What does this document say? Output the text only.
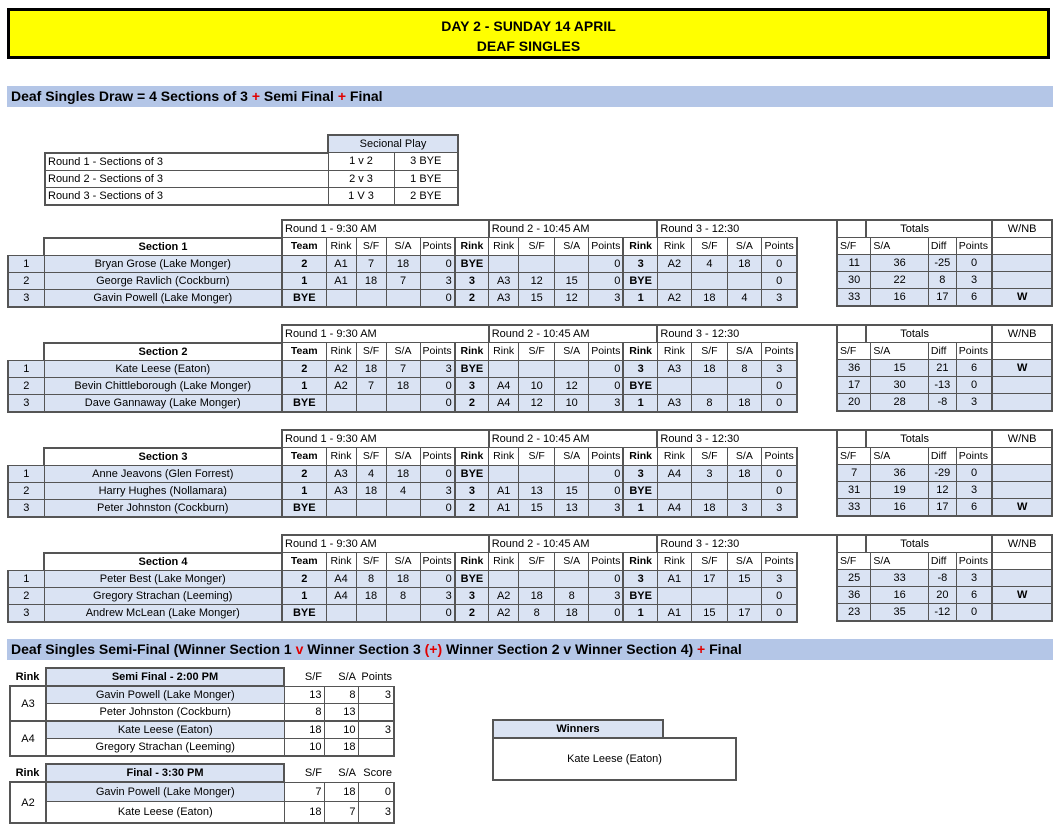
DAY 2 - SUNDAY 14 APRIL
DEAF SINGLES
Deaf Singles Draw = 4 Sections of 3 + Semi Final + Final
	Secional Play	
Round 1 - Sections of 3	1 v 2	3 BYE
Round 2 - Sections of 3	2 v 3	1 BYE
Round 3 - Sections of 3	1 V 3	2 BYE
		Round 1 - 9:30 AM						Round 2 - 10:45 AM					Round 3 - 12:30			
	Section 1	Team	Rink	S/F	S/A	Points	Rink	Rink	S/F	S/A	Points	Rink	Rink	S/F	S/A	Points
1	Bryan Grose (Lake Monger)	2	A1	7	18	0	BYE				0	3	A2	4	18	0
2	George Ravlich (Cockburn)	1	A1	18	7	3	3	A3	12	15	0	BYE				0
3	Gavin Powell (Lake Monger)	BYE				0	2	A3	15	12	3	1	A2	18	4	3
Totals				W/NB
S/F	S/A	Diff	Points	
11	36	-25	0	
30	22	8	3	
33	16	17	6	W
		Round 1 - 9:30 AM						Round 2 - 10:45 AM					Round 3 - 12:30			
	Section 2	Team	Rink	S/F	S/A	Points	Rink	Rink	S/F	S/A	Points	Rink	Rink	S/F	S/A	Points
1	Kate Leese (Eaton)	2	A2	18	7	3	BYE				0	3	A3	18	8	3
2	Bevin Chittleborough (Lake Monger)	1	A2	7	18	0	3	A4	10	12	0	BYE				0
3	Dave Gannaway (Lake Monger)	BYE				0	2	A4	12	10	3	1	A3	8	18	0
Totals				W/NB
S/F	S/A	Diff	Points	
36	15	21	6	W
17	30	-13	0	
20	28	-8	3	
		Round 1 - 9:30 AM						Round 2 - 10:45 AM					Round 3 - 12:30			
	Section 3	Team	Rink	S/F	S/A	Points	Rink	Rink	S/F	S/A	Points	Rink	Rink	S/F	S/A	Points
1	Anne Jeavons (Glen Forrest)	2	A3	4	18	0	BYE				0	3	A4	3	18	0
2	Harry Hughes (Nollamara)	1	A3	18	4	3	3	A1	13	15	0	BYE				0
3	Peter Johnston (Cockburn)	BYE				0	2	A1	15	13	3	1	A4	18	3	3
Totals				W/NB
S/F	S/A	Diff	Points	
7	36	-29	0	
31	19	12	3	
33	16	17	6	W
		Round 1 - 9:30 AM						Round 2 - 10:45 AM					Round 3 - 12:30			
	Section 4	Team	Rink	S/F	S/A	Points	Rink	Rink	S/F	S/A	Points	Rink	Rink	S/F	S/A	Points
1	Peter Best (Lake Monger)	2	A4	8	18	0	BYE				0	3	A1	17	15	3
2	Gregory Strachan (Leeming)	1	A4	18	8	3	3	A2	18	8	3	BYE				0
3	Andrew McLean (Lake Monger)	BYE				0	2	A2	8	18	0	1	A1	15	17	0
Totals				W/NB
S/F	S/A	Diff	Points	
25	33	-8	3	
36	16	20	6	W
23	35	-12	0	
Deaf Singles Semi-Final (Winner Section 1 v Winner Section 3 (+) Winner Section 2 v Winner Section 4) + Final
Rink	Semi Final - 2:00 PM	S/F	S/A	Points
A3	Gavin Powell (Lake Monger)	13	8	3
	Peter Johnston (Cockburn)	8	13	
A4	Kate Leese (Eaton)	18	10	3
	Gregory Strachan (Leeming)	10	18	
Rink	Final - 3:30 PM	S/F	S/A	Score
A2	Gavin Powell (Lake Monger)	7	18	0
	Kate Leese (Eaton)	18	7	3
Winners
Kate Leese (Eaton)
